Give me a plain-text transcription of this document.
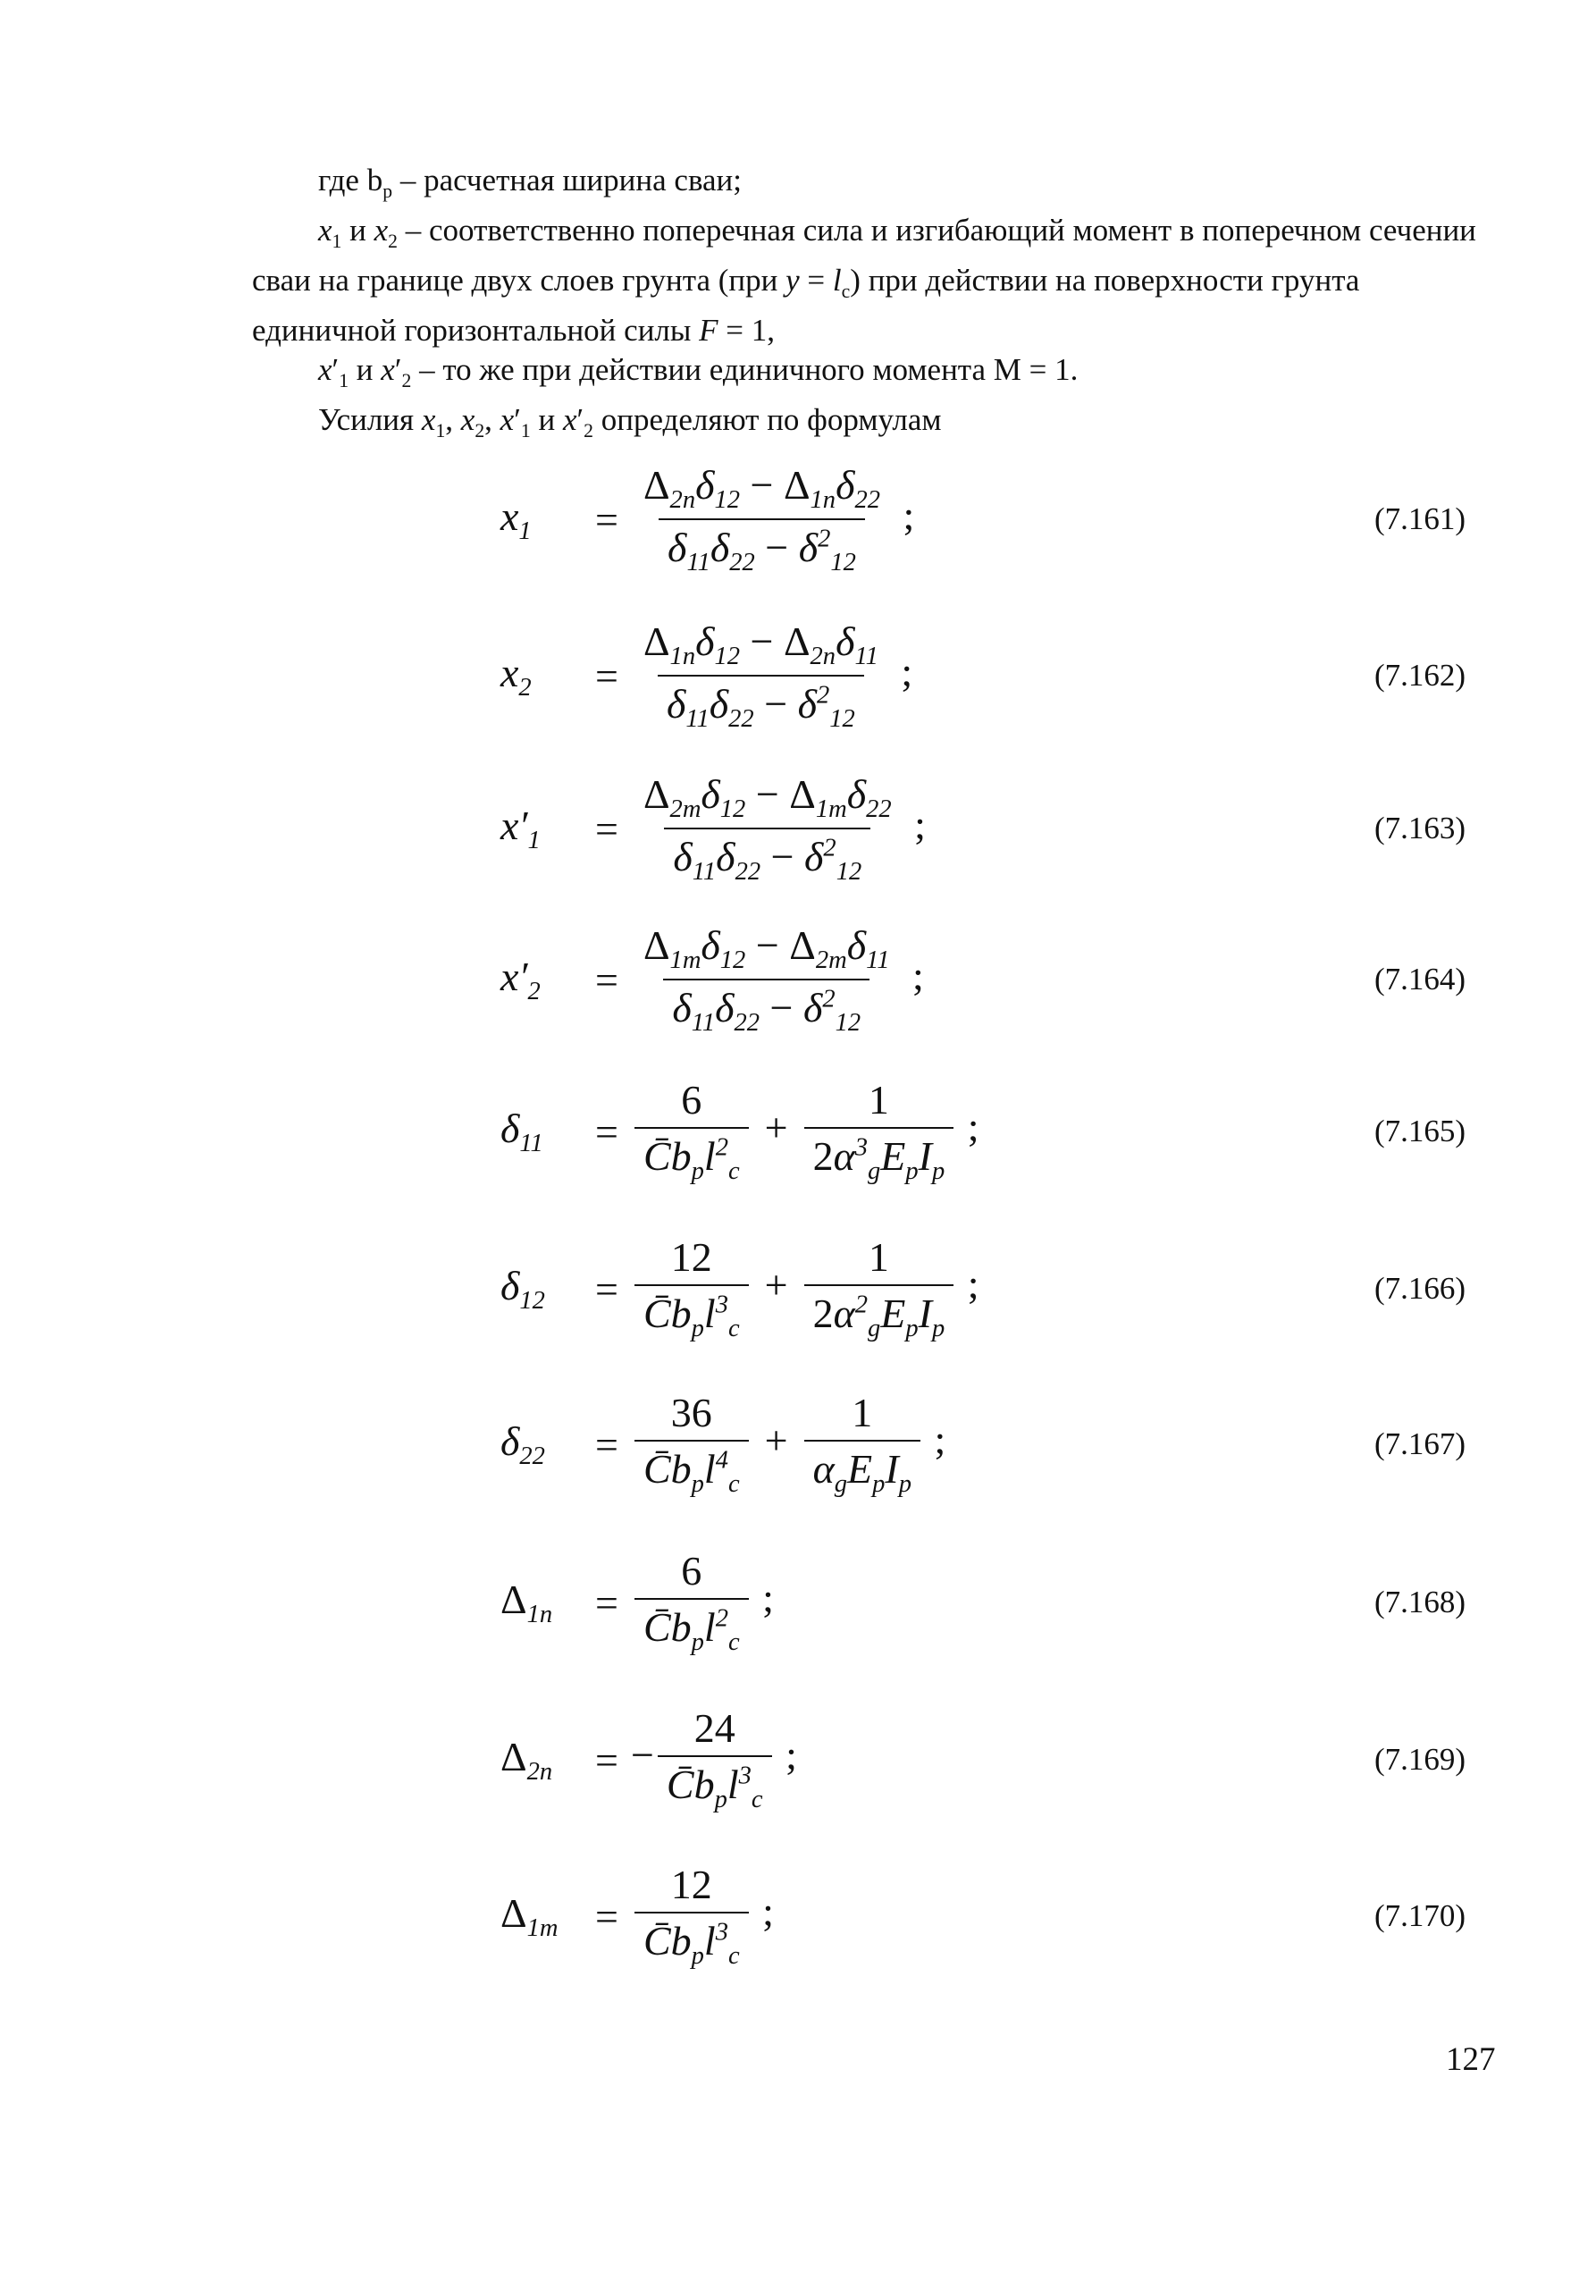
где $b_р$ – расчетная ширина сваи;

$x_1$ и $x_2$ – соответственно поперечная сила и изгибающий момент в поперечном сечении сваи на границе двух слоев грунта (при $y = l_c$) при действии на поверхности грунта единичной горизонтальной силы F = 1,

$x'_1$ и $x'_2$ – то же при действии единичного момента M = 1.

Усилия $x_1$, $x_2$, $x'_1$ и $x'_2$ определяют по формулам

$x_1$	= $\frac{\Delta_{2n}\delta_{12} - \Delta_{1n}\delta_{22}}{\delta_{11}\delta_{22} - \delta^2_{12}}$ ;	(7.161)
$x_2$	= $\frac{\Delta_{1n}\delta_{12} - \Delta_{2n}\delta_{11}}{\delta_{11}\delta_{22} - \delta^2_{12}}$ ;	(7.162)
$x'_1$	= $\frac{\Delta_{2m}\delta_{12} - \Delta_{1m}\delta_{22}}{\delta_{11}\delta_{22} - \delta^2_{12}}$ ;	(7.163)
$x'_2$	= $\frac{\Delta_{1m}\delta_{12} - \Delta_{2m}\delta_{11}}{\delta_{11}\delta_{22} - \delta^2_{12}}$ ;	(7.164)
$\delta_{11}$	= $\frac{6}{C̄b_pl^2_c} + \frac{1}{2\alpha^3_gE_pI_p}$ ;	(7.165)
$\delta_{12}$	= $\frac{12}{C̄b_pl^3_c} + \frac{1}{2\alpha^2_gE_pI_p}$ ;	(7.166)
$\delta_{22}$	= $\frac{36}{C̄b_pl^4_c} + \frac{1}{\alpha_gE_pI_p}$ ;	(7.167)
$\Delta_{1n}$	= $\frac{6}{C̄b_pl^2_c}$ ;	(7.168)
$\Delta_{2n}$	= − $\frac{24}{C̄b_pl^3_c}$ ;	(7.169)
$\Delta_{1m} = \frac{12}{C̄b_pl^3_c}$ ;	(7.170)
127
